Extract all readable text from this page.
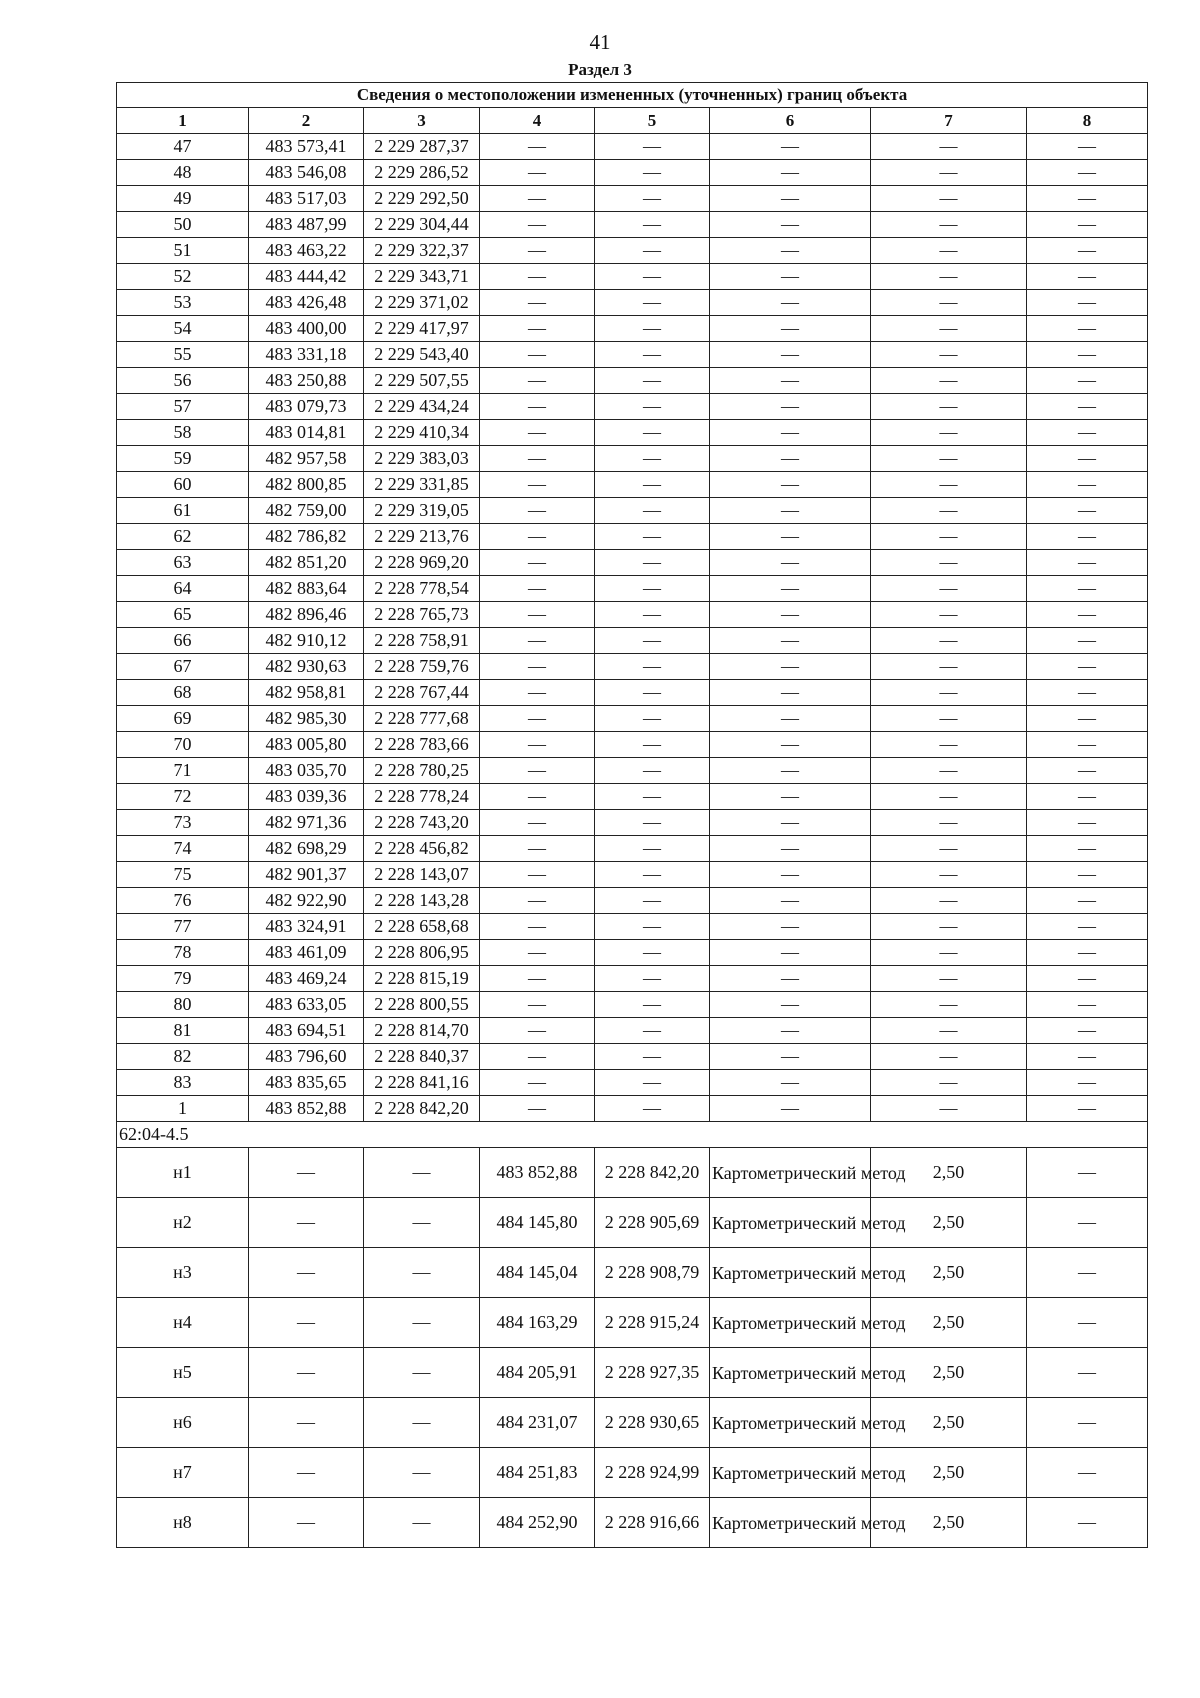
41
Раздел 3
Сведения о местоположении измененных (уточненных) границ объекта							
1	2	3	4	5	6	7	8
47	483 573,41	2 229 287,37	—	—	—	—	—
48	483 546,08	2 229 286,52	—	—	—	—	—
49	483 517,03	2 229 292,50	—	—	—	—	—
50	483 487,99	2 229 304,44	—	—	—	—	—
51	483 463,22	2 229 322,37	—	—	—	—	—
52	483 444,42	2 229 343,71	—	—	—	—	—
53	483 426,48	2 229 371,02	—	—	—	—	—
54	483 400,00	2 229 417,97	—	—	—	—	—
55	483 331,18	2 229 543,40	—	—	—	—	—
56	483 250,88	2 229 507,55	—	—	—	—	—
57	483 079,73	2 229 434,24	—	—	—	—	—
58	483 014,81	2 229 410,34	—	—	—	—	—
59	482 957,58	2 229 383,03	—	—	—	—	—
60	482 800,85	2 229 331,85	—	—	—	—	—
61	482 759,00	2 229 319,05	—	—	—	—	—
62	482 786,82	2 229 213,76	—	—	—	—	—
63	482 851,20	2 228 969,20	—	—	—	—	—
64	482 883,64	2 228 778,54	—	—	—	—	—
65	482 896,46	2 228 765,73	—	—	—	—	—
66	482 910,12	2 228 758,91	—	—	—	—	—
67	482 930,63	2 228 759,76	—	—	—	—	—
68	482 958,81	2 228 767,44	—	—	—	—	—
69	482 985,30	2 228 777,68	—	—	—	—	—
70	483 005,80	2 228 783,66	—	—	—	—	—
71	483 035,70	2 228 780,25	—	—	—	—	—
72	483 039,36	2 228 778,24	—	—	—	—	—
73	482 971,36	2 228 743,20	—	—	—	—	—
74	482 698,29	2 228 456,82	—	—	—	—	—
75	482 901,37	2 228 143,07	—	—	—	—	—
76	482 922,90	2 228 143,28	—	—	—	—	—
77	483 324,91	2 228 658,68	—	—	—	—	—
78	483 461,09	2 228 806,95	—	—	—	—	—
79	483 469,24	2 228 815,19	—	—	—	—	—
80	483 633,05	2 228 800,55	—	—	—	—	—
81	483 694,51	2 228 814,70	—	—	—	—	—
82	483 796,60	2 228 840,37	—	—	—	—	—
83	483 835,65	2 228 841,16	—	—	—	—	—
1	483 852,88	2 228 842,20	—	—	—	—	—
62:04-4.5							
н1	—	—	483 852,88	2 228 842,20	Картометрический метод	2,50	—
н2	—	—	484 145,80	2 228 905,69	Картометрический метод	2,50	—
н3	—	—	484 145,04	2 228 908,79	Картометрический метод	2,50	—
н4	—	—	484 163,29	2 228 915,24	Картометрический метод	2,50	—
н5	—	—	484 205,91	2 228 927,35	Картометрический метод	2,50	—
н6	—	—	484 231,07	2 228 930,65	Картометрический метод	2,50	—
н7	—	—	484 251,83	2 228 924,99	Картометрический метод	2,50	—
н8	—	—	484 252,90	2 228 916,66	Картометрический метод	2,50	—
